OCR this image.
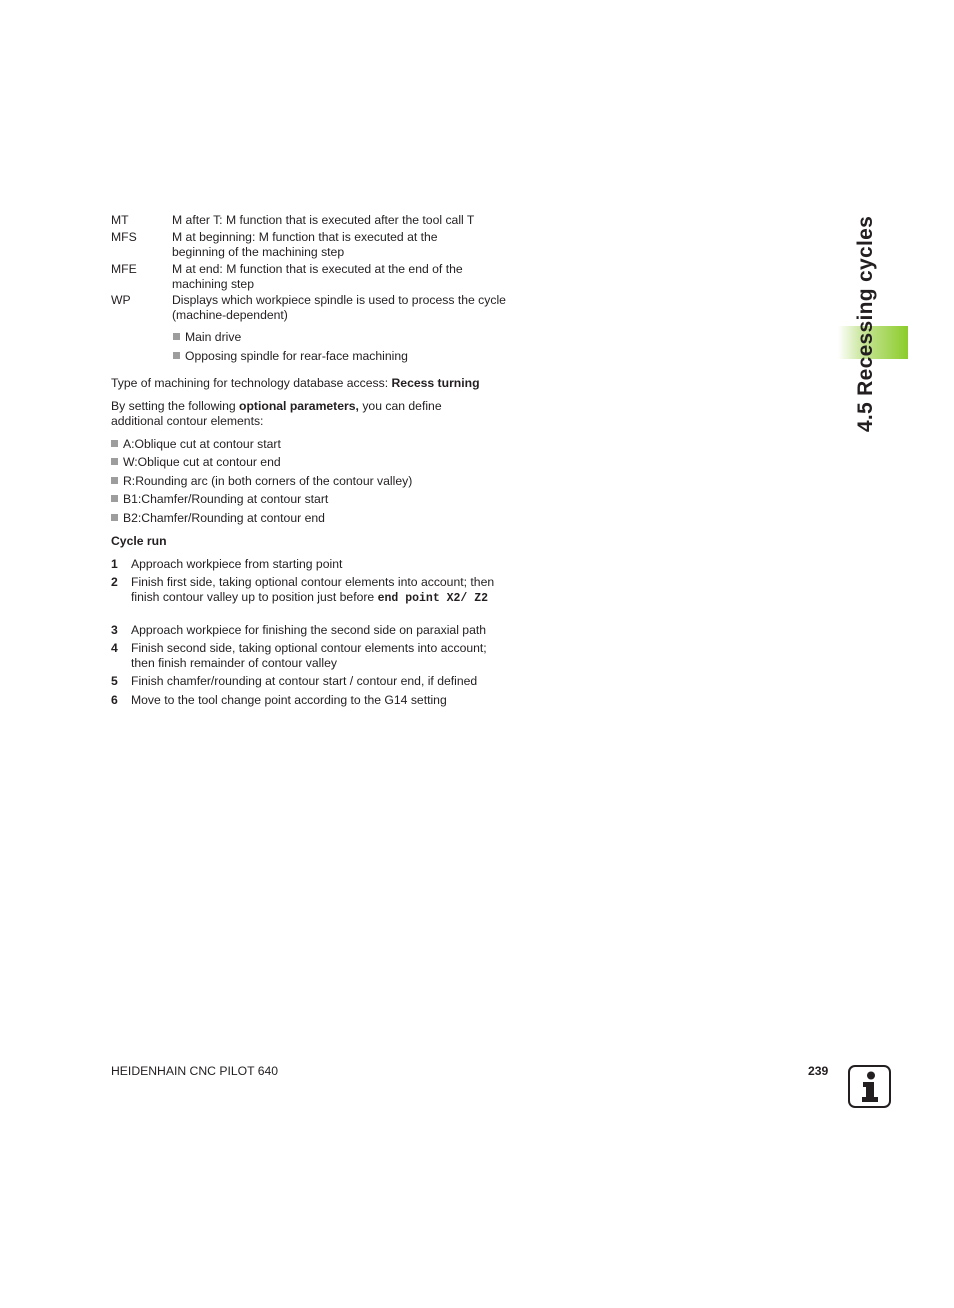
MT	M after T: M function that is executed after the tool call T
MFS	M at beginning: M function that is executed at the beginning of the machining step
MFE	M at end: M function that is executed at the end of the machining step
WP	Displays which workpiece spindle is used to process the cycle (machine-dependent)
Main drive
Opposing spindle for rear-face machining
Type of machining for technology database access: Recess turning
By setting the following optional parameters, you can define additional contour elements:
A:Oblique cut at contour start
W:Oblique cut at contour end
R:Rounding arc (in both corners of the contour valley)
B1:Chamfer/Rounding at contour start
B2:Chamfer/Rounding at contour end
Cycle run
1 Approach workpiece from starting point
2 Finish first side, taking optional contour elements into account; then finish contour valley up to position just before end point X2/ Z2
3 Approach workpiece for finishing the second side on paraxial path
4 Finish second side, taking optional contour elements into account; then finish remainder of contour valley
5 Finish chamfer/rounding at contour start / contour end, if defined
6 Move to the tool change point according to the G14 setting
4.5 Recessing cycles
HEIDENHAIN CNC PILOT 640	239
